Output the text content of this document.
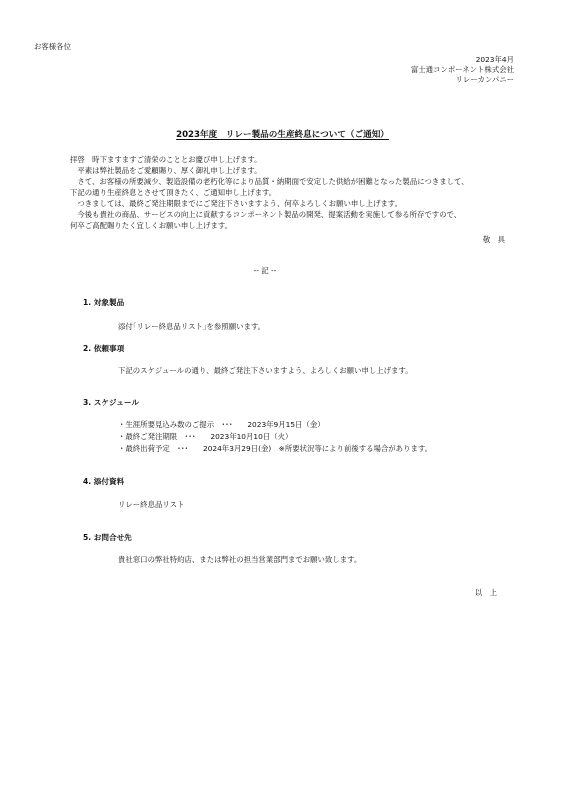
お客様各位
2023年4月
富士通コンポーネント株式会社
リレーカンパニー
2023年度　リレー製品の生産終息について（ご通知）
拝啓　時下ますますご清栄のこととお慶び申し上げます。
　平素は弊社製品をご愛顧賜り、厚く御礼申し上げます。
　さて、お客様の所要減少、製造設備の老朽化等により品質・納期面で安定した供給が困難となった製品につきまして、
下記の通り生産終息とさせて頂きたく、ご通知申し上げます。
　つきましては、最終ご発注期限までにご発注下さいますよう、何卒よろしくお願い申し上げます。
　今後も貴社の商品、サービスの向上に貢献するコンポーネント製品の開発、提案活動を実施して参る所存ですので、
何卒ご高配賜りたく宜しくお願い申し上げます。
敬　具
-- 記 --
1. 対象製品
添付｢リレー終息品リスト｣を参照願います。
2. 依頼事項
下記のスケジュールの通り、最終ご発注下さいますよう、よろしくお願い申し上げます。
3. スケジュール
・生涯所要見込み数のご提示　･･･　　2023年9月15日（金）
・最終ご発注期限　･･･　　2023年10月10日（火）
・最終出荷予定　･･･　　2024年3月29日(金)　※所要状況等により前後する場合があります。
4. 添付資料
リレー終息品リスト
5. お問合せ先
貴社窓口の弊社特約店、または弊社の担当営業部門までお願い致します。
以　上
